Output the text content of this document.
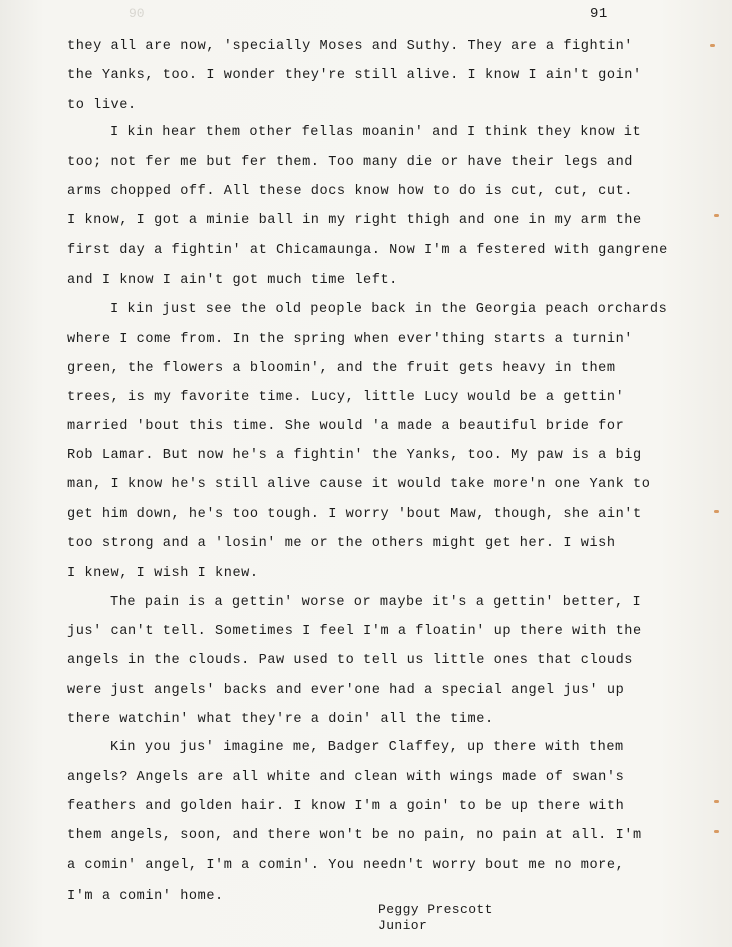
90	91
they all are now, 'specially Moses and Suthy. They are a fightin'
the Yanks, too. I wonder they're still alive. I know I ain't goin'
to live.
I kin hear them other fellas moanin' and I think they know it
too; not fer me but fer them. Too many die or have their legs and
arms chopped off. All these docs know how to do is cut, cut, cut.
I know, I got a minie ball in my right thigh and one in my arm the
first day a fightin' at Chicamaunga. Now I'm a festered with gangrene
and I know I ain't got much time left.
I kin just see the old people back in the Georgia peach orchards
where I come from. In the spring when ever'thing starts a turnin'
green, the flowers a bloomin', and the fruit gets heavy in them
trees, is my favorite time. Lucy, little Lucy would be a gettin'
married 'bout this time. She would 'a made a beautiful bride for
Rob Lamar. But now he's a fightin' the Yanks, too. My paw is a big
man, I know he's still alive cause it would take more'n one Yank to
get him down, he's too tough. I worry 'bout Maw, though, she ain't
too strong and a 'losin' me or the others might get her. I wish
I knew, I wish I knew.
The pain is a gettin' worse or maybe it's a gettin' better, I
jus' can't tell. Sometimes I feel I'm a floatin' up there with the
angels in the clouds. Paw used to tell us little ones that clouds
were just angels' backs and ever'one had a special angel jus' up
there watchin' what they're a doin' all the time.
Kin you jus' imagine me, Badger Claffey, up there with them
angels? Angels are all white and clean with wings made of swan's
feathers and golden hair. I know I'm a goin' to be up there with
them angels, soon, and there won't be no pain, no pain at all. I'm
a comin' angel, I'm a comin'. You needn't worry bout me no more,
I'm a comin' home.
Peggy Prescott
Junior
